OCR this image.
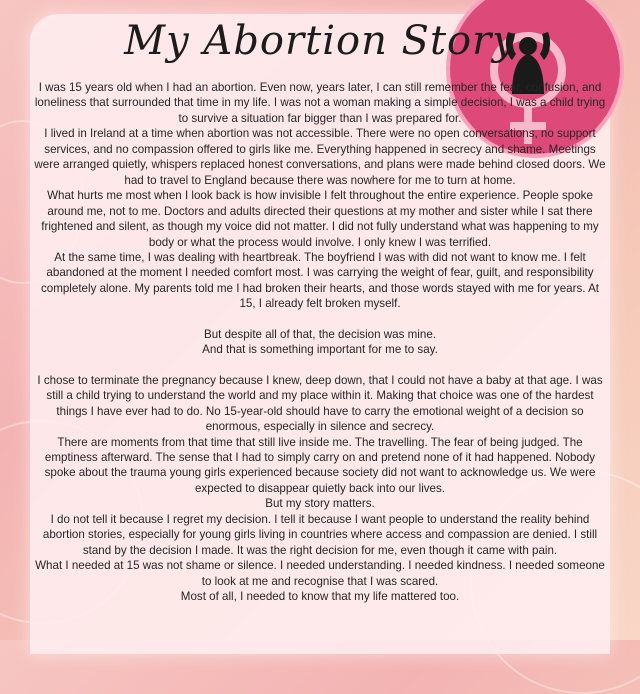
My Abortion Story

I was 15 years old when I had an abortion. Even now, years later, I can still remember the fear, confusion, and loneliness that surrounded that time in my life. I was not a woman making a simple decision, I was a child trying to survive a situation far bigger than I was prepared for.

I lived in Ireland at a time when abortion was not accessible. There were no open conversations, no support services, and no compassion offered to girls like me. Everything happened in secrecy and shame. Meetings were arranged quietly, whispers replaced honest conversations, and plans were made behind closed doors. We had to travel to England because there was nowhere for me to turn at home.

What hurts me most when I look back is how invisible I felt throughout the entire experience. People spoke around me, not to me. Doctors and adults directed their questions at my mother and sister while I sat there frightened and silent, as though my voice did not matter. I did not fully understand what was happening to my body or what the process would involve. I only knew I was terrified.

At the same time, I was dealing with heartbreak. The boyfriend I was with did not want to know me. I felt abandoned at the moment I needed comfort most. I was carrying the weight of fear, guilt, and responsibility completely alone. My parents told me I had broken their hearts, and those words stayed with me for years. At 15, I already felt broken myself.

But despite all of that, the decision was mine.

And that is something important for me to say.

I chose to terminate the pregnancy because I knew, deep down, that I could not have a baby at that age. I was still a child trying to understand the world and my place within it. Making that choice was one of the hardest things I have ever had to do. No 15-year-old should have to carry the emotional weight of a decision so enormous, especially in silence and secrecy.

There are moments from that time that still live inside me. The travelling. The fear of being judged. The emptiness afterward. The sense that I had to simply carry on and pretend none of it had happened. Nobody spoke about the trauma young girls experienced because society did not want to acknowledge us. We were expected to disappear quietly back into our lives.

But my story matters.

I do not tell it because I regret my decision. I tell it because I want people to understand the reality behind abortion stories, especially for young girls living in countries where access and compassion are denied. I still stand by the decision I made. It was the right decision for me, even though it came with pain.

What I needed at 15 was not shame or silence. I needed understanding. I needed kindness. I needed someone to look at me and recognise that I was scared.

Most of all, I needed to know that my life mattered too.
